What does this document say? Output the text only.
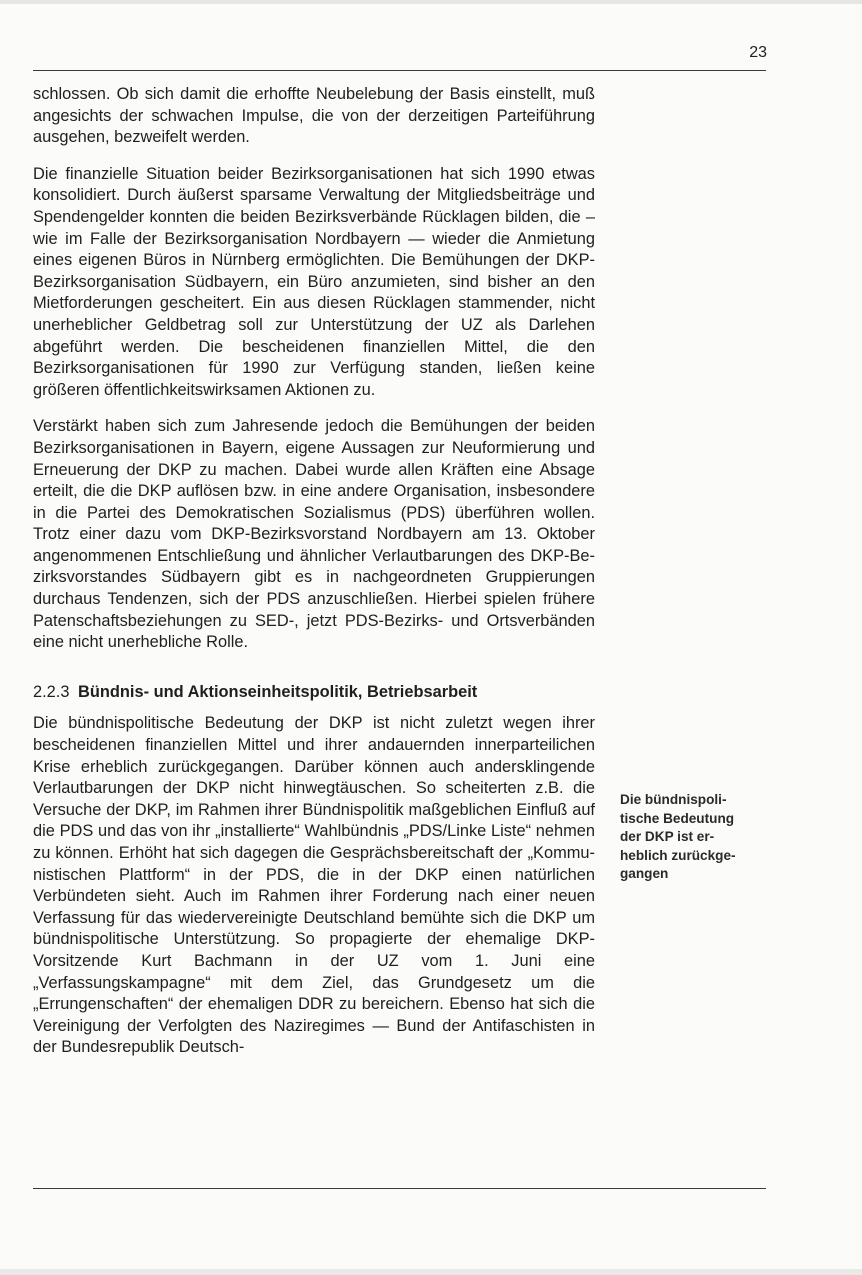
23

schlossen. Ob sich damit die erhoffte Neubelebung der Basis einstellt, muß angesichts der schwachen Impulse, die von der derzeitigen Parteiführung ausgehen, bezweifelt werden.

Die finanzielle Situation beider Bezirksorganisationen hat sich 1990 etwas konsolidiert. Durch äußerst sparsame Verwaltung der Mitgliedsbeiträge und Spendengelder konnten die beiden Bezirksverbände Rücklagen bilden, die – wie im Falle der Bezirksorganisation Nordbayern — wieder die Anmietung eines eigenen Büros in Nürnberg ermöglichten. Die Bemühungen der DKP-Bezirksorganisation Südbayern, ein Büro anzumieten, sind bisher an den Mietforderungen gescheitert. Ein aus diesen Rücklagen stammender, nicht unerheblicher Geldbetrag soll zur Unterstützung der UZ als Darlehen abgeführt werden. Die bescheidenen finanziellen Mittel, die den Bezirksorganisationen für 1990 zur Verfügung standen, ließen keine größeren öffentlichkeitswirksamen Aktionen zu.

Verstärkt haben sich zum Jahresende jedoch die Bemühungen der beiden Bezirksorganisationen in Bayern, eigene Aussagen zur Neuformierung und Erneuerung der DKP zu machen. Dabei wurde allen Kräften eine Absage erteilt, die die DKP auflösen bzw. in eine andere Organisation, insbesondere in die Partei des Demokratischen Sozialismus (PDS) überführen wollen. Trotz einer dazu vom DKP-Bezirksvorstand Nordbayern am 13. Oktober angenommenen Entschließung und ähnlicher Verlautbarungen des DKP-Bezirksvorstandes Südbayern gibt es in nachgeordneten Gruppierungen durchaus Tendenzen, sich der PDS anzuschließen. Hierbei spielen frühere Patenschaftsbeziehungen zu SED-, jetzt PDS-Bezirks- und Ortsverbänden eine nicht unerhebliche Rolle.

2.2.3 Bündnis- und Aktionseinheitspolitik, Betriebsarbeit

Die bündnispolitische Bedeutung der DKP ist nicht zuletzt wegen ihrer bescheidenen finanziellen Mittel und ihrer andauernden innerparteilichen Krise erheblich zurückgegangen. Darüber können auch andersklingende Verlautbarungen der DKP nicht hinwegtäuschen. So scheiterten z.B. die Versuche der DKP, im Rahmen ihrer Bündnispolitik maßgeblichen Einfluß auf die PDS und das von ihr „installierte“ Wahlbündnis „PDS/Linke Liste“ nehmen zu können. Erhöht hat sich dagegen die Gesprächsbereitschaft der „Kommunistischen Plattform“ in der PDS, die in der DKP einen natürlichen Verbündeten sieht. Auch im Rahmen ihrer Forderung nach einer neuen Verfassung für das wiedervereinigte Deutschland bemühte sich die DKP um bündnispolitische Unterstützung. So propagierte der ehemalige DKP-Vorsitzende Kurt Bachmann in der UZ vom 1. Juni eine „Verfassungskampagne“ mit dem Ziel, das Grundgesetz um die „Errungenschaften“ der ehemaligen DDR zu bereichern. Ebenso hat sich die Vereinigung der Verfolgten des Naziregimes — Bund der Antifaschisten in der Bundesrepublik Deutsch-

Die bündnispoli-
tische Bedeutung
der DKP ist er-
heblich zurückge-
gangen
